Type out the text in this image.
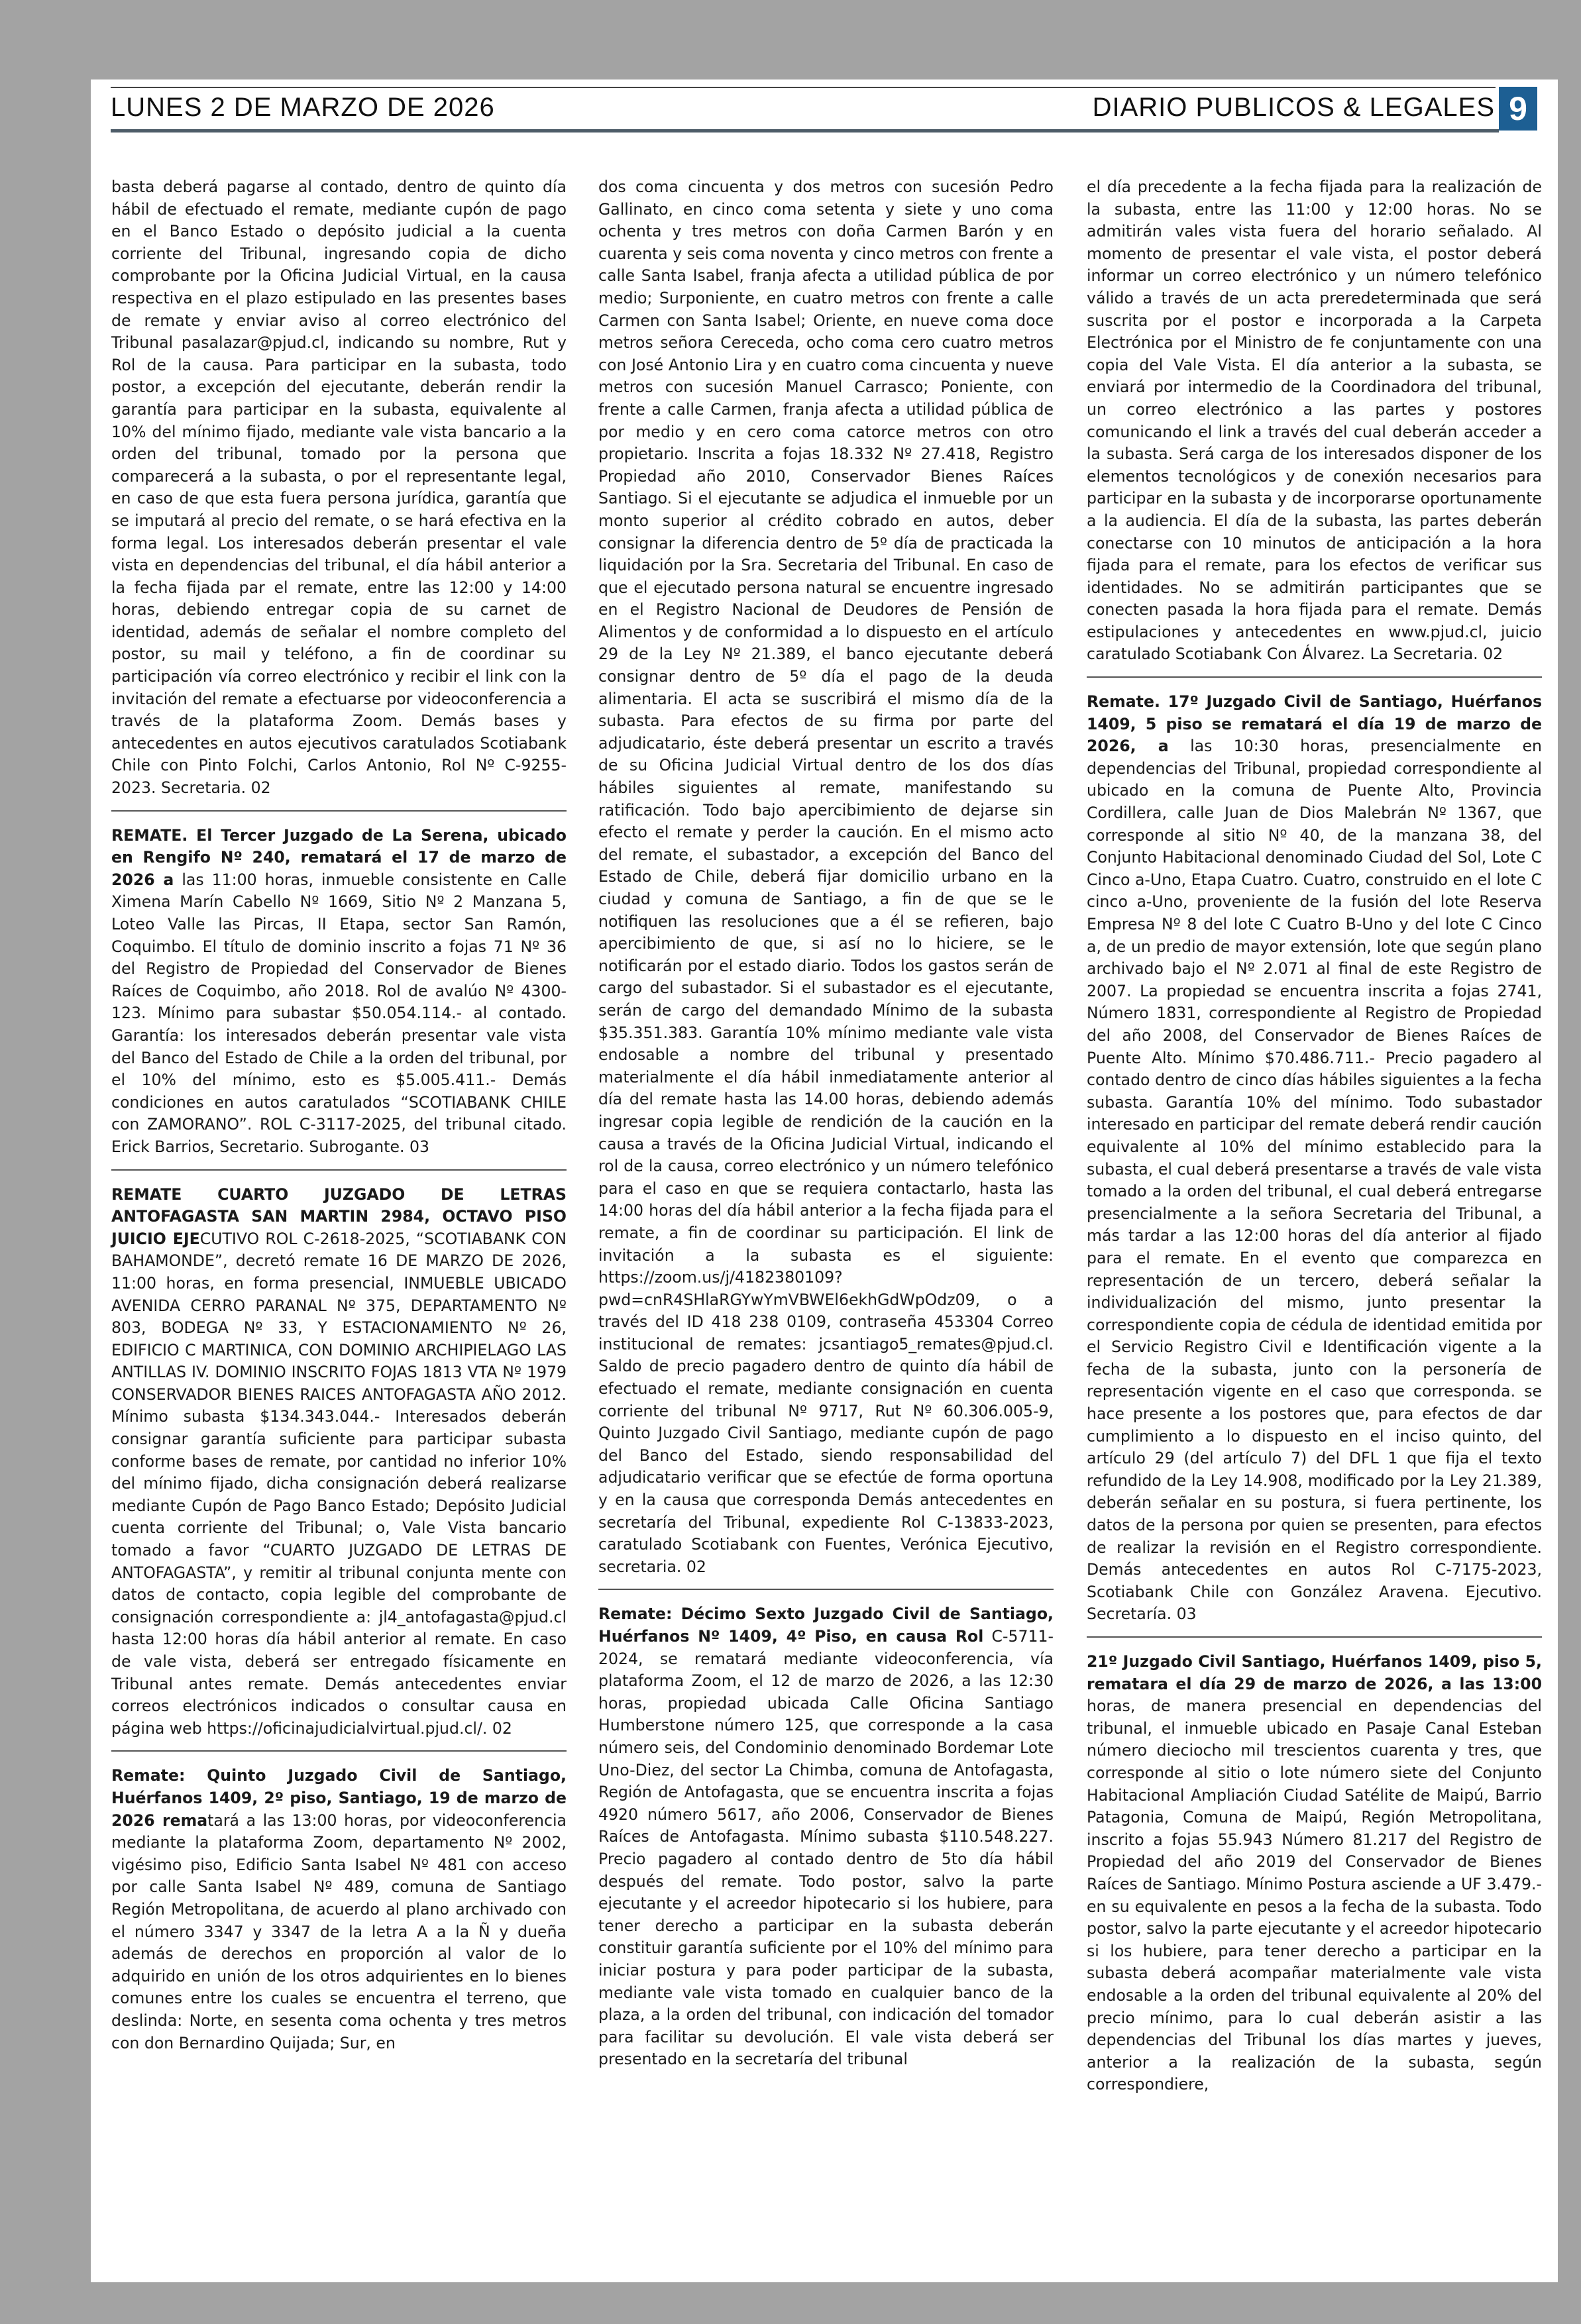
LUNES 2 DE MARZO DE 2026	DIARIO PUBLICOS & LEGALES 9

basta deberá pagarse al contado, dentro de quinto día hábil de efectuado el remate, mediante cupón de pago en el Banco Estado o depósito judicial a la cuenta corriente del Tribunal, ingresando copia de dicho comprobante por la Oficina Judicial Virtual, en la causa respectiva en el plazo estipulado en las presentes bases de remate y enviar aviso al correo electrónico del Tribunal pasalazar@pjud.cl, indicando su nombre, Rut y Rol de la causa. Para participar en la subasta, todo postor, a excepción del ejecutante, deberán rendir la garantía para participar en la subasta, equivalente al 10% del mínimo fijado, mediante vale vista bancario a la orden del tribunal, tomado por la persona que comparecerá a la subasta, o por el representante legal, en caso de que esta fuera persona jurídica, garantía que se imputará al precio del remate, o se hará efectiva en la forma legal. Los interesados deberán presentar el vale vista en dependencias del tribunal, el día hábil anterior a la fecha fijada par el remate, entre las 12:00 y 14:00 horas, debiendo entregar copia de su carnet de identidad, además de señalar el nombre completo del postor, su mail y teléfono, a fin de coordinar su participación vía correo electrónico y recibir el link con la invitación del remate a efectuarse por videoconferencia a través de la plataforma Zoom. Demás bases y antecedentes en autos ejecutivos caratulados Scotiabank Chile con Pinto Folchi, Carlos Antonio, Rol Nº C-9255-2023. Secretaria. 02

REMATE. El Tercer Juzgado de La Serena, ubicado en Rengifo Nº 240, rematará el 17 de marzo de 2026 a las 11:00 horas, inmueble consistente en Calle Ximena Marín Cabello Nº 1669, Sitio Nº 2 Manzana 5, Loteo Valle las Pircas, II Etapa, sector San Ramón, Coquimbo. El título de dominio inscrito a fojas 71 Nº 36 del Registro de Propiedad del Conservador de Bienes Raíces de Coquimbo, año 2018. Rol de avalúo Nº 4300-123. Mínimo para subastar $50.054.114.- al contado. Garantía: los interesados deberán presentar vale vista del Banco del Estado de Chile a la orden del tribunal, por el 10% del mínimo, esto es $5.005.411.- Demás condiciones en autos caratulados “SCOTIABANK CHILE con ZAMORANO”. ROL C-3117-2025, del tribunal citado. Erick Barrios, Secretario. Subrogante. 03

REMATE CUARTO JUZGADO DE LETRAS ANTOFAGASTA SAN MARTIN 2984, OCTAVO PISO JUICIO EJECUTIVO ROL C-2618-2025, “SCOTIABANK CON BAHAMONDE”, decretó remate 16 DE MARZO DE 2026, 11:00 horas, en forma presencial, INMUEBLE UBICADO AVENIDA CERRO PARANAL Nº 375, DEPARTAMENTO Nº 803, BODEGA Nº 33, Y ESTACIONAMIENTO Nº 26, EDIFICIO C MARTINICA, CON DOMINIO ARCHIPIELAGO LAS ANTILLAS IV. DOMINIO INSCRITO FOJAS 1813 VTA Nº 1979 CONSERVADOR BIENES RAICES ANTOFAGASTA AÑO 2012. Mínimo subasta $134.343.044.- Interesados deberán consignar garantía suficiente para participar subasta conforme bases de remate, por cantidad no inferior 10% del mínimo fijado, dicha consignación deberá realizarse mediante Cupón de Pago Banco Estado; Depósito Judicial cuenta corriente del Tribunal; o, Vale Vista bancario tomado a favor “CUARTO JUZGADO DE LETRAS DE ANTOFAGASTA”, y remitir al tribunal conjunta mente con datos de contacto, copia legible del comprobante de consignación correspondiente a: jl4_antofagasta@pjud.cl hasta 12:00 horas día hábil anterior al remate. En caso de vale vista, deberá ser entregado físicamente en Tribunal antes remate. Demás antecedentes enviar correos electrónicos indicados o consultar causa en página web https://oficinajudicialvirtual.pjud.cl/. 02

Remate: Quinto Juzgado Civil de Santiago, Huérfanos 1409, 2º piso, Santiago, 19 de marzo de 2026 rematará a las 13:00 horas, por videoconferencia mediante la plataforma Zoom, departamento Nº 2002, vigésimo piso, Edificio Santa Isabel Nº 481 con acceso por calle Santa Isabel Nº 489, comuna de Santiago Región Metropolitana, de acuerdo al plano archivado con el número 3347 y 3347 de la letra A a la Ñ y dueña además de derechos en proporción al valor de lo adquirido en unión de los otros adquirientes en lo bienes comunes entre los cuales se encuentra el terreno, que deslinda: Norte, en sesenta coma ochenta y tres metros con don Bernardino Quijada; Sur, en

dos coma cincuenta y dos metros con sucesión Pedro Gallinato, en cinco coma setenta y siete y uno coma ochenta y tres metros con doña Carmen Barón y en cuarenta y seis coma noventa y cinco metros con frente a calle Santa Isabel, franja afecta a utilidad pública de por medio; Surponiente, en cuatro metros con frente a calle Carmen con Santa Isabel; Oriente, en nueve coma doce metros señora Cereceda, ocho coma cero cuatro metros con José Antonio Lira y en cuatro coma cincuenta y nueve metros con sucesión Manuel Carrasco; Poniente, con frente a calle Carmen, franja afecta a utilidad pública de por medio y en cero coma catorce metros con otro propietario. Inscrita a fojas 18.332 Nº 27.418, Registro Propiedad año 2010, Conservador Bienes Raíces Santiago. Si el ejecutante se adjudica el inmueble por un monto superior al crédito cobrado en autos, deber consignar la diferencia dentro de 5º día de practicada la liquidación por la Sra. Secretaria del Tribunal. En caso de que el ejecutado persona natural se encuentre ingresado en el Registro Nacional de Deudores de Pensión de Alimentos y de conformidad a lo dispuesto en el artículo 29 de la Ley Nº 21.389, el banco ejecutante deberá consignar dentro de 5º día el pago de la deuda alimentaria. El acta se suscribirá el mismo día de la subasta. Para efectos de su firma por parte del adjudicatario, éste deberá presentar un escrito a través de su Oficina Judicial Virtual dentro de los dos días hábiles siguientes al remate, manifestando su ratificación. Todo bajo apercibimiento de dejarse sin efecto el remate y perder la caución. En el mismo acto del remate, el subastador, a excepción del Banco del Estado de Chile, deberá fijar domicilio urbano en la ciudad y comuna de Santiago, a fin de que se le notifiquen las resoluciones que a él se refieren, bajo apercibimiento de que, si así no lo hiciere, se le notificarán por el estado diario. Todos los gastos serán de cargo del subastador. Si el subastador es el ejecutante, serán de cargo del demandado Mínimo de la subasta $35.351.383. Garantía 10% mínimo mediante vale vista endosable a nombre del tribunal y presentado materialmente el día hábil inmediatamente anterior al día del remate hasta las 14.00 horas, debiendo además ingresar copia legible de rendición de la caución en la causa a través de la Oficina Judicial Virtual, indicando el rol de la causa, correo electrónico y un número telefónico para el caso en que se requiera contactarlo, hasta las 14:00 horas del día hábil anterior a la fecha fijada para el remate, a fin de coordinar su participación. El link de invitación a la subasta es el siguiente: https://zoom.us/j/4182380109?pwd=cnR4SHlaRGYwYmVBWEl6ekhGdWpOdz09, o a través del ID 418 238 0109, contraseña 453304 Correo institucional de remates: jcsantiago5_remates@pjud.cl. Saldo de precio pagadero dentro de quinto día hábil de efectuado el remate, mediante consignación en cuenta corriente del tribunal Nº 9717, Rut Nº 60.306.005-9, Quinto Juzgado Civil Santiago, mediante cupón de pago del Banco del Estado, siendo responsabilidad del adjudicatario verificar que se efectúe de forma oportuna y en la causa que corresponda Demás antecedentes en secretaría del Tribunal, expediente Rol C-13833-2023, caratulado Scotiabank con Fuentes, Verónica Ejecutivo, secretaria. 02

Remate: Décimo Sexto Juzgado Civil de Santiago, Huérfanos Nº 1409, 4º Piso, en causa Rol C-5711-2024, se rematará mediante videoconferencia, vía plataforma Zoom, el 12 de marzo de 2026, a las 12:30 horas, propiedad ubicada Calle Oficina Santiago Humberstone número 125, que corresponde a la casa número seis, del Condominio denominado Bordemar Lote Uno-Diez, del sector La Chimba, comuna de Antofagasta, Región de Antofagasta, que se encuentra inscrita a fojas 4920 número 5617, año 2006, Conservador de Bienes Raíces de Antofagasta. Mínimo subasta $110.548.227. Precio pagadero al contado dentro de 5to día hábil después del remate. Todo postor, salvo la parte ejecutante y el acreedor hipotecario si los hubiere, para tener derecho a participar en la subasta deberán constituir garantía suficiente por el 10% del mínimo para iniciar postura y para poder participar de la subasta, mediante vale vista tomado en cualquier banco de la plaza, a la orden del tribunal, con indicación del tomador para facilitar su devolución. El vale vista deberá ser presentado en la secretaría del tribunal

el día precedente a la fecha fijada para la realización de la subasta, entre las 11:00 y 12:00 horas. No se admitirán vales vista fuera del horario señalado. Al momento de presentar el vale vista, el postor deberá informar un correo electrónico y un número telefónico válido a través de un acta preredeterminada que será suscrita por el postor e incorporada a la Carpeta Electrónica por el Ministro de fe conjuntamente con una copia del Vale Vista. El día anterior a la subasta, se enviará por intermedio de la Coordinadora del tribunal, un correo electrónico a las partes y postores comunicando el link a través del cual deberán acceder a la subasta. Será carga de los interesados disponer de los elementos tecnológicos y de conexión necesarios para participar en la subasta y de incorporarse oportunamente a la audiencia. El día de la subasta, las partes deberán conectarse con 10 minutos de anticipación a la hora fijada para el remate, para los efectos de verificar sus identidades. No se admitirán participantes que se conecten pasada la hora fijada para el remate. Demás estipulaciones y antecedentes en www.pjud.cl, juicio caratulado Scotiabank Con Álvarez. La Secretaria. 02

Remate. 17º Juzgado Civil de Santiago, Huérfanos 1409, 5 piso se rematará el día 19 de marzo de 2026, a las 10:30 horas, presencialmente en dependencias del Tribunal, propiedad correspondiente al ubicado en la comuna de Puente Alto, Provincia Cordillera, calle Juan de Dios Malebrán Nº 1367, que corresponde al sitio Nº 40, de la manzana 38, del Conjunto Habitacional denominado Ciudad del Sol, Lote C Cinco a-Uno, Etapa Cuatro. Cuatro, construido en el lote C cinco a-Uno, proveniente de la fusión del lote Reserva Empresa Nº 8 del lote C Cuatro B-Uno y del lote C Cinco a, de un predio de mayor extensión, lote que según plano archivado bajo el Nº 2.071 al final de este Registro de 2007. La propiedad se encuentra inscrita a fojas 2741, Número 1831, correspondiente al Registro de Propiedad del año 2008, del Conservador de Bienes Raíces de Puente Alto. Mínimo $70.486.711.- Precio pagadero al contado dentro de cinco días hábiles siguientes a la fecha subasta. Garantía 10% del mínimo. Todo subastador interesado en participar del remate deberá rendir caución equivalente al 10% del mínimo establecido para la subasta, el cual deberá presentarse a través de vale vista tomado a la orden del tribunal, el cual deberá entregarse presencialmente a la señora Secretaria del Tribunal, a más tardar a las 12:00 horas del día anterior al fijado para el remate. En el evento que comparezca en representación de un tercero, deberá señalar la individualización del mismo, junto presentar la correspondiente copia de cédula de identidad emitida por el Servicio Registro Civil e Identificación vigente a la fecha de la subasta, junto con la personería de representación vigente en el caso que corresponda. se hace presente a los postores que, para efectos de dar cumplimiento a lo dispuesto en el inciso quinto, del artículo 29 (del artículo 7) del DFL 1 que fija el texto refundido de la Ley 14.908, modificado por la Ley 21.389, deberán señalar en su postura, si fuera pertinente, los datos de la persona por quien se presenten, para efectos de realizar la revisión en el Registro correspondiente. Demás antecedentes en autos Rol C-7175-2023, Scotiabank Chile con González Aravena. Ejecutivo. Secretaría. 03

21º Juzgado Civil Santiago, Huérfanos 1409, piso 5, rematara el día 29 de marzo de 2026, a las 13:00 horas, de manera presencial en dependencias del tribunal, el inmueble ubicado en Pasaje Canal Esteban número dieciocho mil trescientos cuarenta y tres, que corresponde al sitio o lote número siete del Conjunto Habitacional Ampliación Ciudad Satélite de Maipú, Barrio Patagonia, Comuna de Maipú, Región Metropolitana, inscrito a fojas 55.943 Número 81.217 del Registro de Propiedad del año 2019 del Conservador de Bienes Raíces de Santiago. Mínimo Postura asciende a UF 3.479.- en su equivalente en pesos a la fecha de la subasta. Todo postor, salvo la parte ejecutante y el acreedor hipotecario si los hubiere, para tener derecho a participar en la subasta deberá acompañar materialmente vale vista endosable a la orden del tribunal equivalente al 20% del precio mínimo, para lo cual deberán asistir a las dependencias del Tribunal los días martes y jueves, anterior a la realización de la subasta, según correspondiere,
